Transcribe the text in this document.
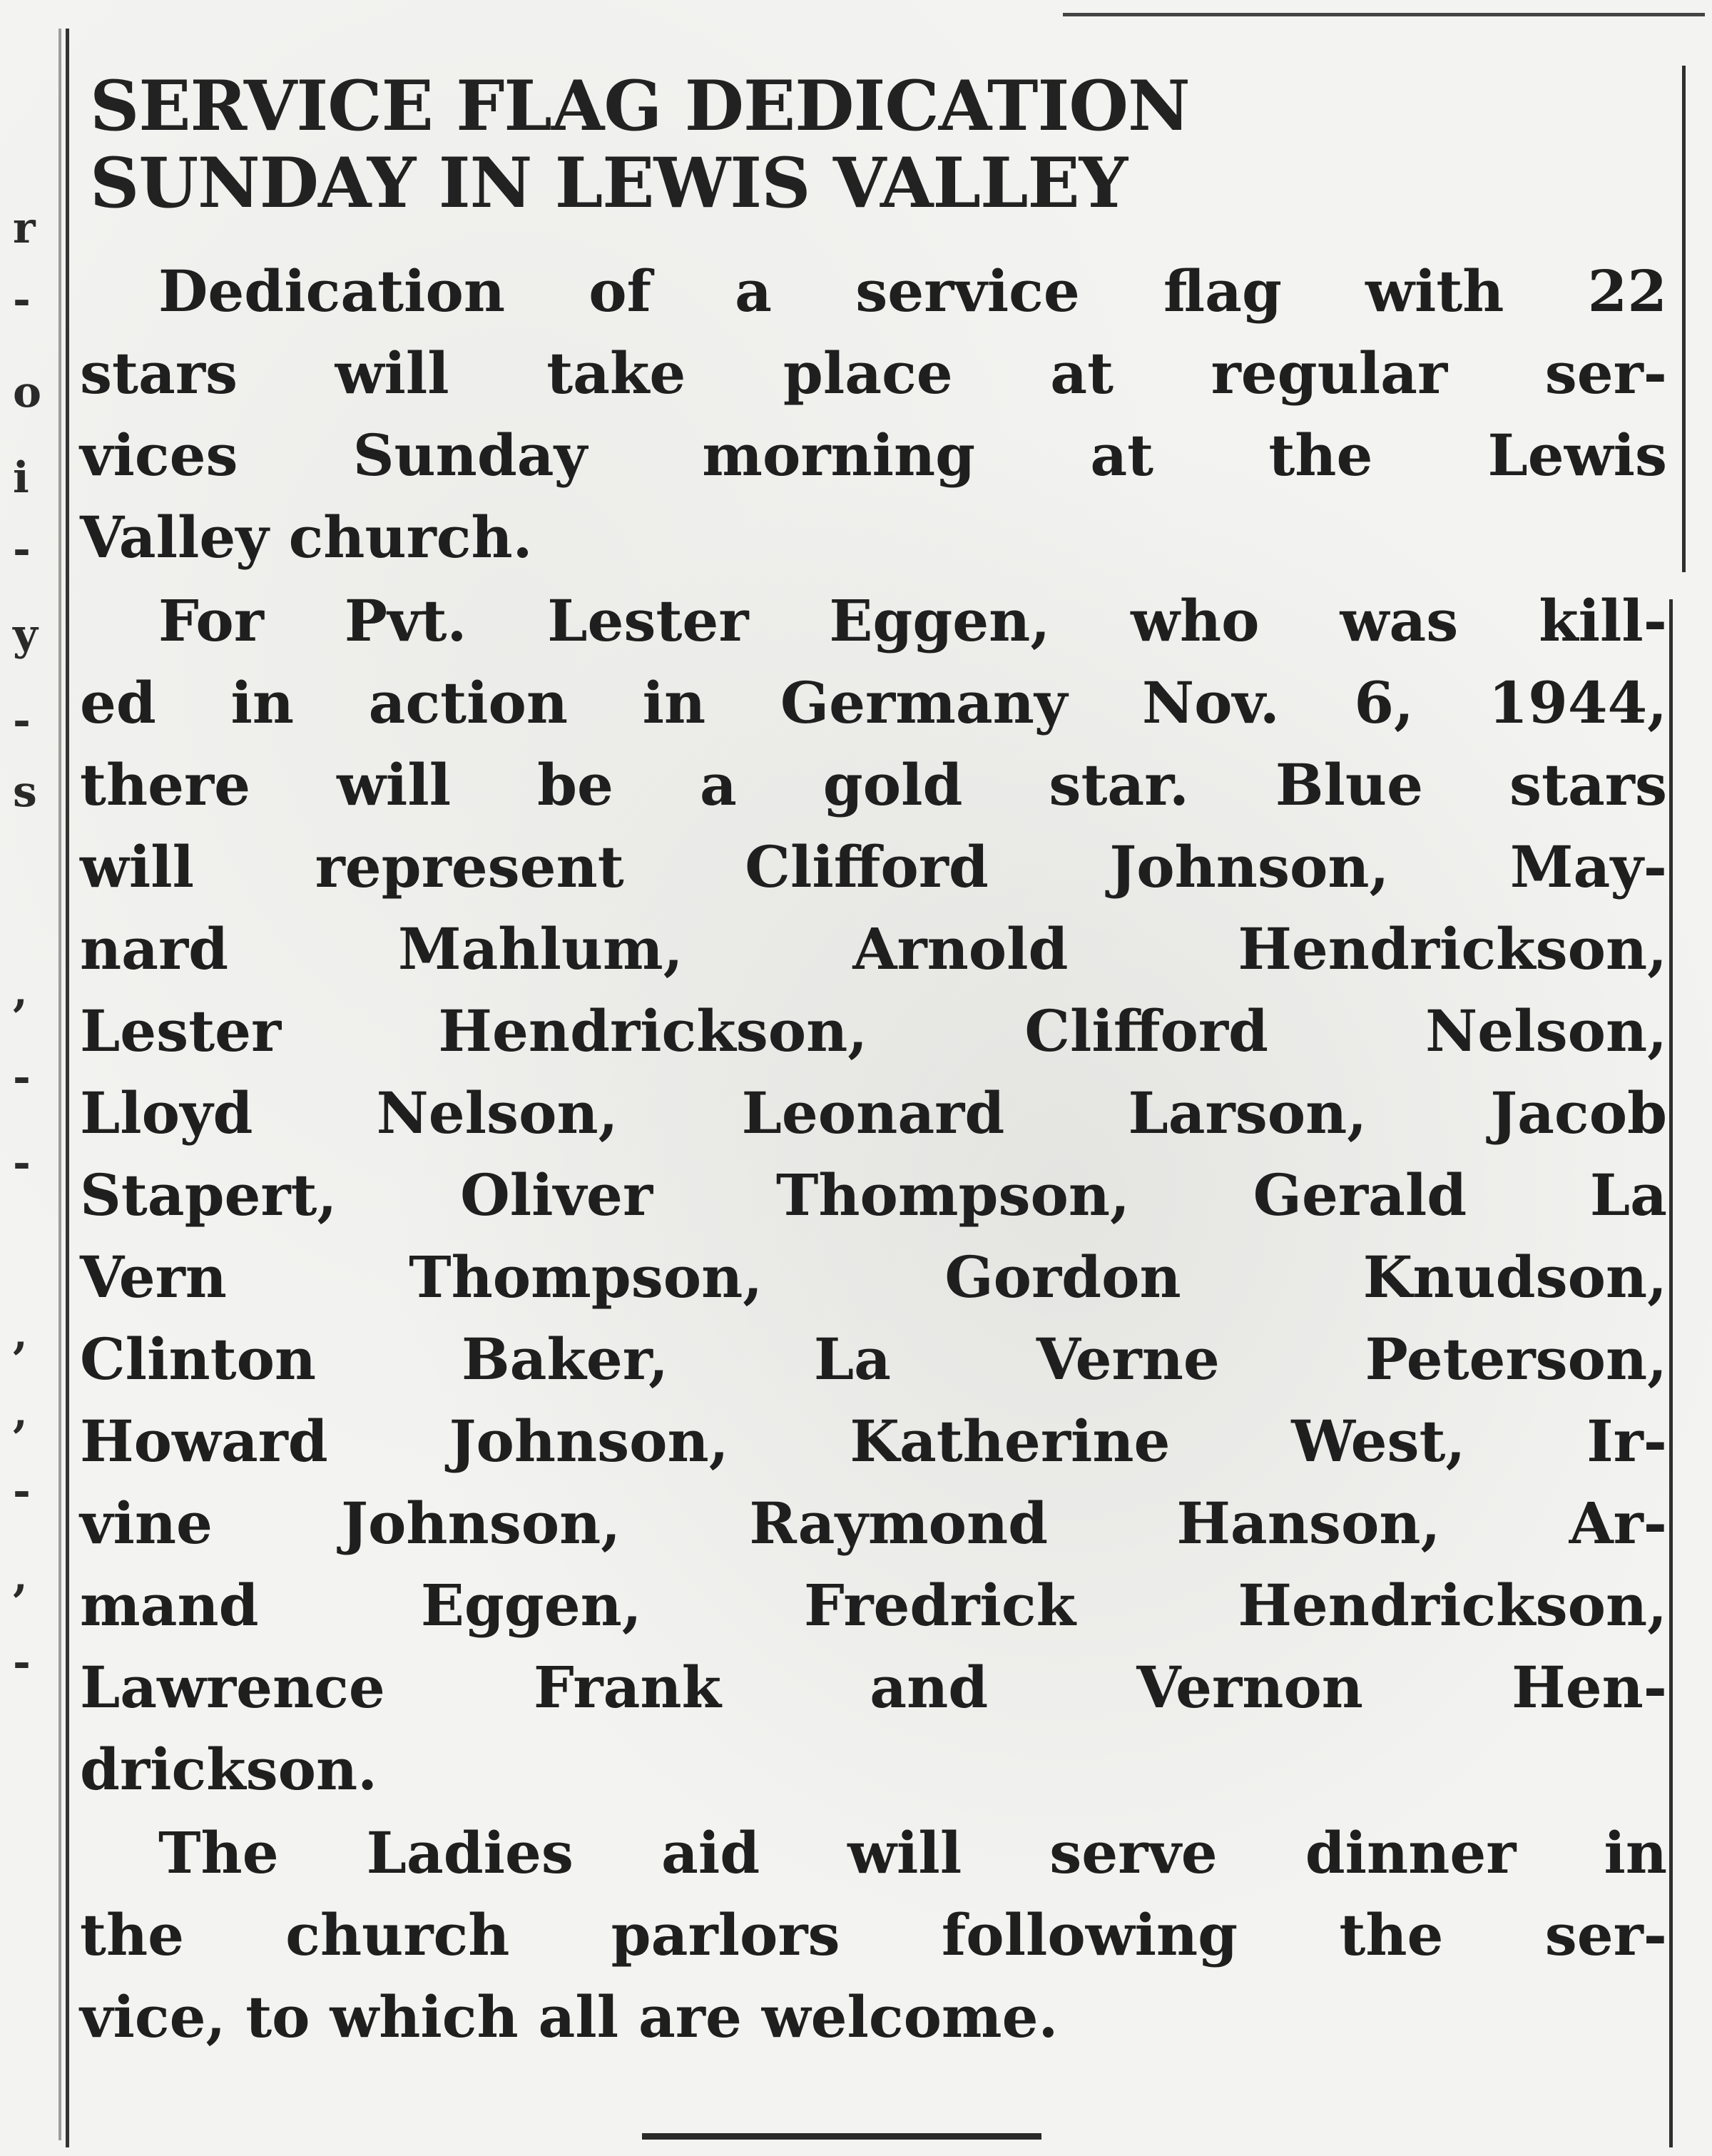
r
-
o
i
-
y
-
s
,
-
-
,
,
-
,
-
SERVICE FLAG DEDICATION
SUNDAY IN LEWIS VALLEY

Dedication of a service flag with 22
stars will take place at regular ser-
vices Sunday morning at the Lewis
Valley church.

For Pvt. Lester Eggen, who was kill-
ed in action in Germany Nov. 6, 1944,
there will be a gold star. Blue stars
will represent Clifford Johnson, May-
nard Mahlum, Arnold Hendrickson,
Lester Hendrickson, Clifford Nelson,
Lloyd Nelson, Leonard Larson, Jacob
Stapert, Oliver Thompson, Gerald La
Vern Thompson, Gordon Knudson,
Clinton Baker, La Verne Peterson,
Howard Johnson, Katherine West, Ir-
vine Johnson, Raymond Hanson, Ar-
mand Eggen, Fredrick Hendrickson,
Lawrence Frank and Vernon Hen-
drickson.

The Ladies aid will serve dinner in
the church parlors following the ser-
vice, to which all are welcome.
